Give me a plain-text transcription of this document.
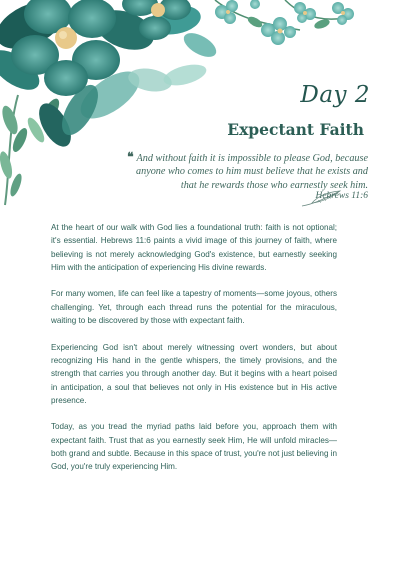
Day 2
Expectant Faith
❝ And without faith it is impossible to please God, because anyone who comes to him must believe that he exists and that he rewards those who earnestly seek him.
Hebrews 11:6

At the heart of our walk with God lies a foundational truth: faith is not optional; it's essential. Hebrews 11:6 paints a vivid image of this journey of faith, where believing is not merely acknowledging God's existence, but earnestly seeking Him with the anticipation of experiencing His divine rewards.

For many women, life can feel like a tapestry of moments—some joyous, others challenging. Yet, through each thread runs the potential for the miraculous, waiting to be discovered by those with expectant faith.

Experiencing God isn't about merely witnessing overt wonders, but about recognizing His hand in the gentle whispers, the timely provisions, and the strength that carries you through another day. But it begins with a heart poised in anticipation, a soul that believes not only in His existence but in His active presence.

Today, as you tread the myriad paths laid before you, approach them with expectant faith. Trust that as you earnestly seek Him, He will unfold miracles—both grand and subtle. Because in this space of trust, you're not just believing in God, you're truly experiencing Him.
